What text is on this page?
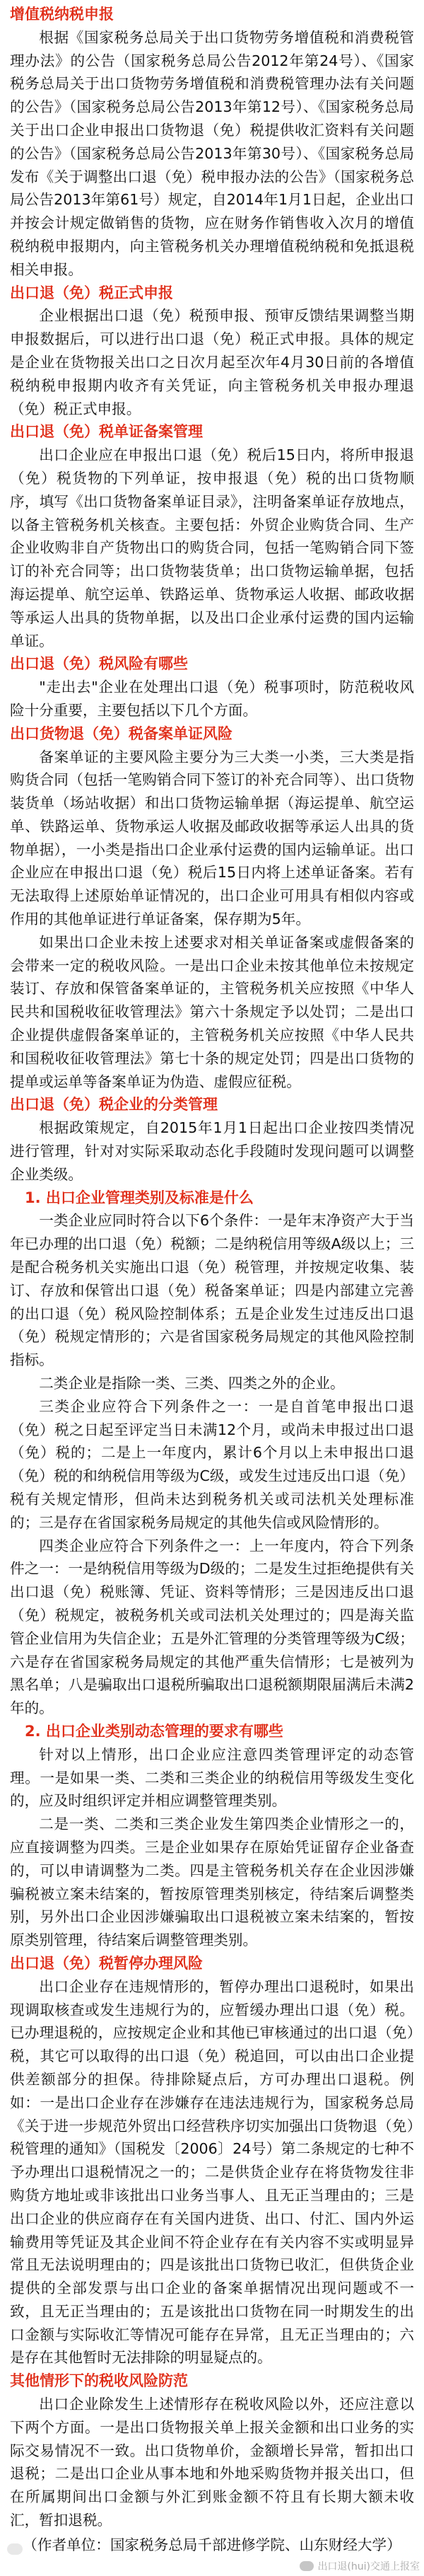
增值税纳税申报

根据《国家税务总局关于出口货物劳务增值税和消费税管理办法》的公告（国家税务总局公告2012年第24号）、《国家税务总局关于出口货物劳务增值税和消费税管理办法有关问题的公告》（国家税务总局公告2013年第12号）、《国家税务总局关于出口企业申报出口货物退（免）税提供收汇资料有关问题的公告》（国家税务总局公告2013年第30号）、《国家税务总局发布《关于调整出口退（免）税申报办法的公告》（国家税务总局公告2013年第61号）规定，自2014年1月1日起，企业出口并按会计规定做销售的货物，应在财务作销售收入次月的增值税纳税申报期内，向主管税务机关办理增值税纳税和免抵退税相关申报。

出口退（免）税正式申报

企业根据出口退（免）税预申报、预审反馈结果调整当期申报数据后，可以进行出口退（免）税正式申报。具体的规定是企业在货物报关出口之日次月起至次年4月30日前的各增值税纳税申报期内收齐有关凭证，向主管税务机关申报办理退（免）税正式申报。

出口退（免）税单证备案管理

出口企业应在申报出口退（免）税后15日内，将所申报退（免）税货物的下列单证，按申报退（免）税的出口货物顺序，填写《出口货物备案单证目录》，注明备案单证存放地点，以备主管税务机关核查。主要包括：外贸企业购货合同、生产企业收购非自产货物出口的购货合同，包括一笔购销合同下签订的补充合同等；出口货物装货单；出口货物运输单据，包括海运提单、航空运单、铁路运单、货物承运人收据、邮政收据等承运人出具的货物单据，以及出口企业承付运费的国内运输单证。

出口退（免）税风险有哪些

"走出去"企业在处理出口退（免）税事项时，防范税收风险十分重要，主要包括以下几个方面。

出口货物退（免）税备案单证风险

备案单证的主要风险主要分为三大类一小类，三大类是指购货合同（包括一笔购销合同下签订的补充合同等）、出口货物装货单（场站收据）和出口货物运输单据（海运提单、航空运单、铁路运单、货物承运人收据及邮政收据等承运人出具的货物单据），一小类是指出口企业承付运费的国内运输单证。出口企业应在申报出口退（免）税后15日内将上述单证备案。若有无法取得上述原始单证情况的，出口企业可用具有相似内容或作用的其他单证进行单证备案，保存期为5年。

如果出口企业未按上述要求对相关单证备案或虚假备案的会带来一定的税收风险。一是出口企业未按其他单位未按规定装订、存放和保管备案单证的，主管税务机关应按照《中华人民共和国税收征收管理法》第六十条规定予以处罚；二是出口企业提供虚假备案单证的，主管税务机关应按照《中华人民共和国税收征收管理法》第七十条的规定处罚；四是出口货物的提单或运单等备案单证为伪造、虚假应征税。

出口退（免）税企业的分类管理

根据政策规定，自2015年1月1日起出口企业按四类情况进行管理，针对对实际采取动态化手段随时发现问题可以调整企业类级。

1. 出口企业管理类别及标准是什么

一类企业应同时符合以下6个条件：一是年末净资产大于当年已办理的出口退（免）税额；二是纳税信用等级A级以上；三是配合税务机关实施出口退（免）税管理，并按规定收集、装订、存放和保管出口退（免）税备案单证；四是内部建立完善的出口退（免）税风险控制体系；五是企业发生过违反出口退（免）税规定情形的；六是省国家税务局规定的其他风险控制指标。

二类企业是指除一类、三类、四类之外的企业。

三类企业应符合下列条件之一：一是自首笔申报出口退（免）税之日起至评定当日未满12个月，或尚未申报过出口退（免）税的；二是上一年度内，累计6个月以上未申报出口退（免）税的和纳税信用等级为C级，或发生过违反出口退（免）税有关规定情形，但尚未达到税务机关或司法机关处理标准的；三是存在省国家税务局规定的其他失信或风险情形的。

四类企业应符合下列条件之一：上一年度内，符合下列条件之一：一是纳税信用等级为D级的；二是发生过拒绝提供有关出口退（免）税账簿、凭证、资料等情形；三是因违反出口退（免）税规定，被税务机关或司法机关处理过的；四是海关监管企业信用为失信企业；五是外汇管理的分类管理等级为C级；六是存在省国家税务局规定的其他严重失信情形；七是被列为黑名单；八是骗取出口退税所骗取出口退税额期限届满后未满2年的。

2. 出口企业类别动态管理的要求有哪些

针对以上情形，出口企业应注意四类管理评定的动态管理。一是如果一类、二类和三类企业的纳税信用等级发生变化的，应及时组织评定并相应调整管理类别。

二是一类、二类和三类企业发生第四类企业情形之一的，应直接调整为四类。三是企业如果存在原始凭证留存企业备查的，可以申请调整为二类。四是主管税务机关存在企业因涉嫌骗税被立案未结案的，暂按原管理类别核定，待结案后调整类别，另外出口企业因涉嫌骗取出口退税被立案未结案的，暂按原类别管理，待结案后调整管理类别。

出口退（免）税暂停办理风险

出口企业存在违规情形的，暂停办理出口退税时，如果出现调取核查或发生违规行为的，应暂缓办理出口退（免）税。已办理退税的，应按规定企业和其他已审核通过的出口退（免）税，其它可以取得的出口退（免）税追回，可以由出口企业提供差额部分的担保。待排除疑点后，方可办理出口退税。例如：一是出口企业存在涉嫌存在违法违规行为，国家税务总局《关于进一步规范外贸出口经营秩序切实加强出口货物退（免）税管理的通知》（国税发〔2006〕24号）第二条规定的七种不予办理出口退税情况之一的；二是供货企业存在将货物发往非购货方地址或非该批出口业务当事人、且无正当理由的；三是出口企业的供应商存在有关国内进货、出口、付汇、国内外运输费用等凭证及其企业间不符企业存在有关内容不实或明显异常且无法说明理由的；四是该批出口货物已收汇，但供货企业提供的全部发票与出口企业的备案单据情况出现问题或不一致，且无正当理由的；五是该批出口货物在同一时期发生的出口金额与实际收汇等情况可能存在异常，且无正当理由的；六是存在其他暂时无法排除的明显疑点的。

其他情形下的税收风险防范

出口企业除发生上述情形存在税收风险以外，还应注意以下两个方面。一是出口货物报关单上报关金额和出口业务的实际交易情况不一致。出口货物单价，金额增长异常，暂扣出口退税；二是出口企业从事本地和外地采购货物并报关出口，但在所属期间出口金额与外汇到账金额不符且有长期大额未收汇，暂扣退税。

（作者单位：国家税务总局千部进修学院、山东财经大学）

出口退(hui)交通上报室
